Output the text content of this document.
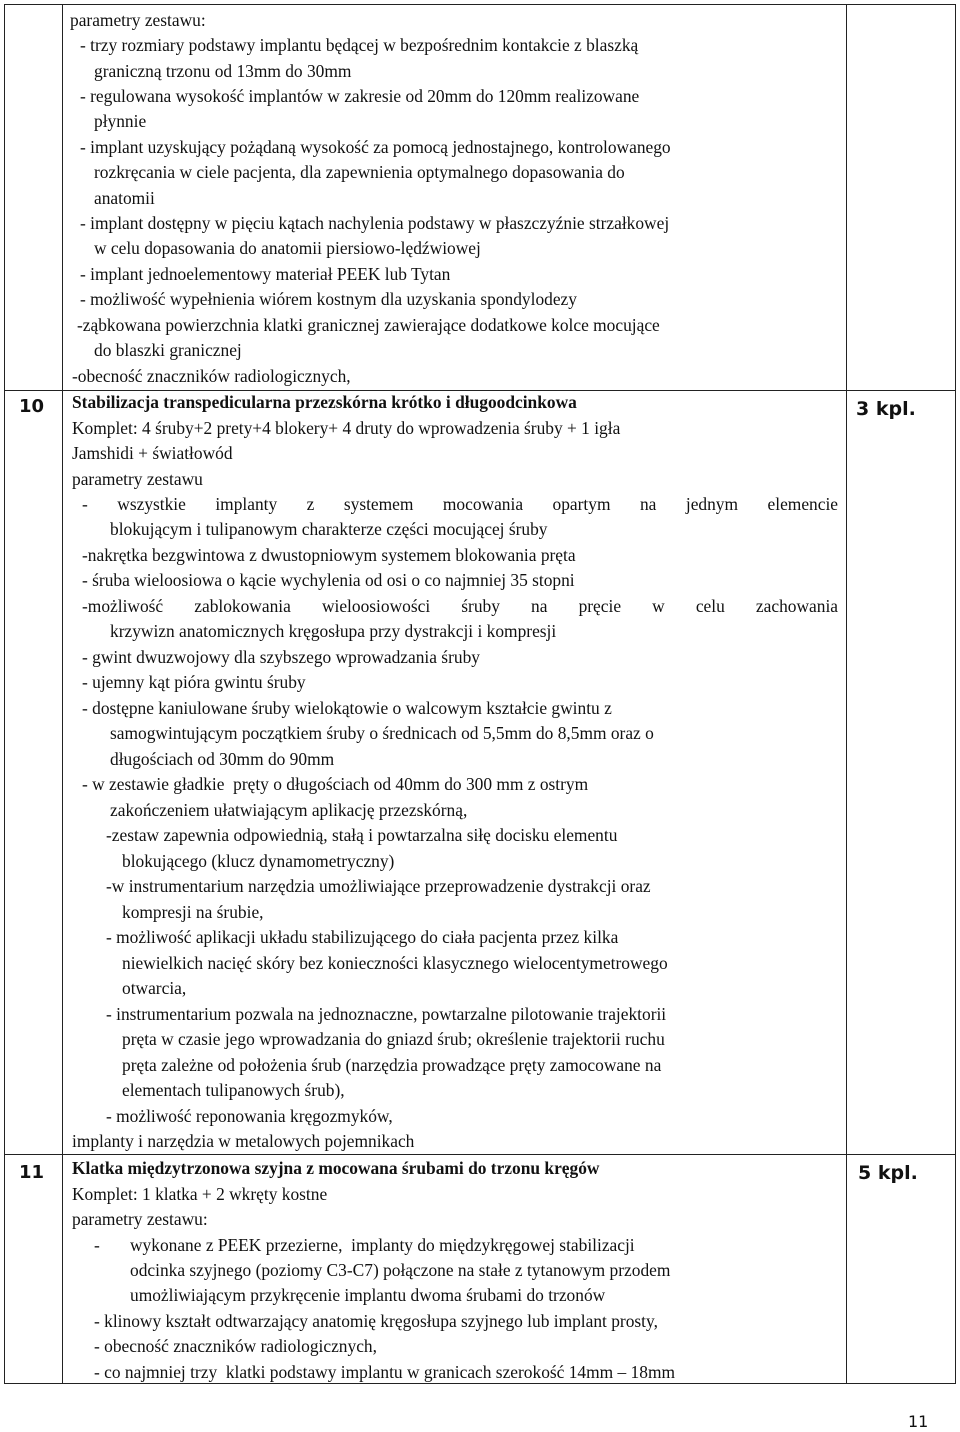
parametry zestawu:
- trzy rozmiary podstawy implantu będącej w bezpośrednim kontakcie z blaszką
graniczną trzonu od 13mm do 30mm
- regulowana wysokość implantów w zakresie od 20mm do 120mm realizowane
płynnie
- implant uzyskujący pożądaną wysokość za pomocą jednostajnego, kontrolowanego
rozkręcania w ciele pacjenta, dla zapewnienia optymalnego dopasowania do
anatomii
- implant dostępny w pięciu kątach nachylenia podstawy w płaszczyźnie strzałkowej
w celu dopasowania do anatomii piersiowo-lędźwiowej
- implant jednoelementowy materiał PEEK lub Tytan
- możliwość wypełnienia wiórem kostnym dla uzyskania spondylodezy
-ząbkowana powierzchnia klatki granicznej zawierające dodatkowe kolce mocujące
do blaszki granicznej
-obecność znaczników radiologicznych,
10 Stabilizacja transpedicularna przezskórna krótko i długoodcinkowa
Komplet: 4 śruby+2 prety+4 blokery+ 4 druty do wprowadzenia śruby + 1 igła
Jamshidi + światłowód
parametry zestawu
- wszystkie implanty z systemem mocowania opartym na jednym elemencie
blokującym i tulipanowym charakterze części mocującej śruby
-nakrętka bezgwintowa z dwustopniowym systemem blokowania pręta
- śruba wieloosiowa o kącie wychylenia od osi o co najmniej 35 stopni
-możliwość zablokowania wieloosiowości śruby na pręcie w celu zachowania
krzywizn anatomicznych kręgosłupa przy dystrakcji i kompresji
- gwint dwuzwojowy dla szybszego wprowadzania śruby
- ujemny kąt pióra gwintu śruby
- dostępne kaniulowane śruby wielokątowie o walcowym kształcie gwintu z
samogwintującym początkiem śruby o średnicach od 5,5mm do 8,5mm oraz o
długościach od 30mm do 90mm
- w zestawie gładkie  pręty o długościach od 40mm do 300 mm z ostrym
zakończeniem ułatwiającym aplikację przezskórną,
-zestaw zapewnia odpowiednią, stałą i powtarzalna siłę docisku elementu
blokującego (klucz dynamometryczny)
-w instrumentarium narzędzia umożliwiające przeprowadzenie dystrakcji oraz
kompresji na śrubie,
- możliwość aplikacji układu stabilizującego do ciała pacjenta przez kilka
niewielkich nacięć skóry bez konieczności klasycznego wielocentymetrowego
otwarcia,
- instrumentarium pozwala na jednoznaczne, powtarzalne pilotowanie trajektorii
pręta w czasie jego wprowadzania do gniazd śrub; określenie trajektorii ruchu
pręta zależne od położenia śrub (narzędzia prowadzące pręty zamocowane na
elementach tulipanowych śrub),
- możliwość reponowania kręgozmyków,
implanty i narzędzia w metalowych pojemnikach
3 kpl.
11 Klatka międzytrzonowa szyjna z mocowana śrubami do trzonu kręgów
Komplet: 1 klatka + 2 wkręty kostne
parametry zestawu:
- wykonane z PEEK przezierne,  implanty do międzykręgowej stabilizacji
odcinka szyjnego (poziomy C3-C7) połączone na stałe z tytanowym przodem
umożliwiającym przykręcenie implantu dwoma śrubami do trzonów
- klinowy kształt odtwarzający anatomię kręgosłupa szyjnego lub implant prosty,
- obecność znaczników radiologicznych,
- co najmniej trzy  klatki podstawy implantu w granicach szerokość 14mm – 18mm
5 kpl.
11
